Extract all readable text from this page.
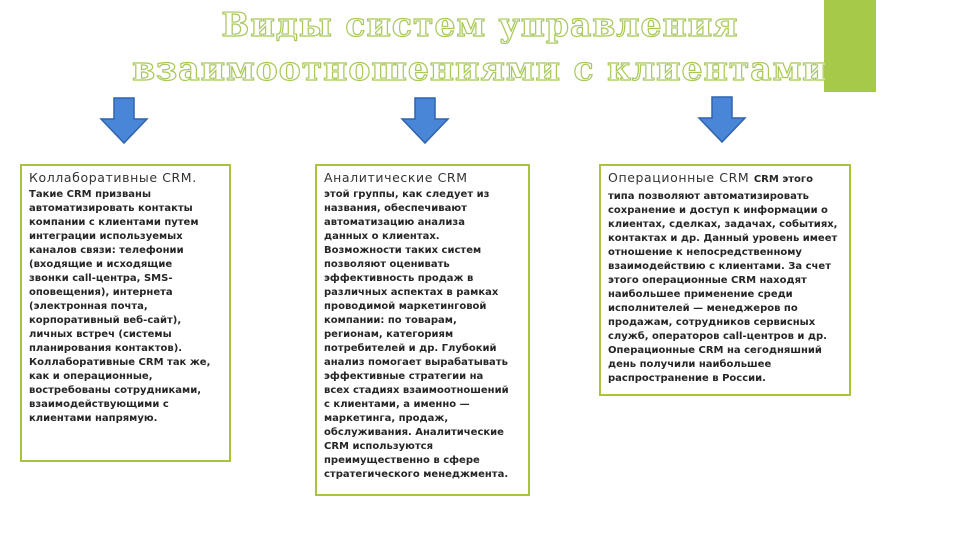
Виды систем управления
взаимоотношениями с клиентами
Коллаборативные CRM.
Такие CRM призваны
автоматизировать контакты
компании с клиентами путем
интеграции используемых
каналов связи: телефонии
(входящие и исходящие
звонки call-центра, SMS-
оповещения), интернета
(электронная почта,
корпоративный веб-сайт),
личных встреч (системы
планирования контактов).
Коллаборативные CRM так же,
как и операционные,
востребованы сотрудниками,
взаимодействующими с
клиентами напрямую.
Аналитические CRM
этой группы, как следует из
названия, обеспечивают
автоматизацию анализа
данных о клиентах.
Возможности таких систем
позволяют оценивать
эффективность продаж в
различных аспектах в рамках
проводимой маркетинговой
компании: по товарам,
регионам, категориям
потребителей и др. Глубокий
анализ помогает вырабатывать
эффективные стратегии на
всех стадиях взаимоотношений
с клиентами, а именно —
маркетинга, продаж,
обслуживания. Аналитические
CRM используются
преимущественно в сфере
стратегического менеджмента.
Операционные CRM CRM этого
типа позволяют автоматизировать
сохранение и доступ к информации о
клиентах, сделках, задачах, событиях,
контактах и др. Данный уровень имеет
отношение к непосредственному
взаимодействию с клиентами. За счет
этого операционные CRM находят
наибольшее применение среди
исполнителей — менеджеров по
продажам, сотрудников сервисных
служб, операторов call-центров и др.
Операционные CRM на сегодняшний
день получили наибольшее
распространение в России.
